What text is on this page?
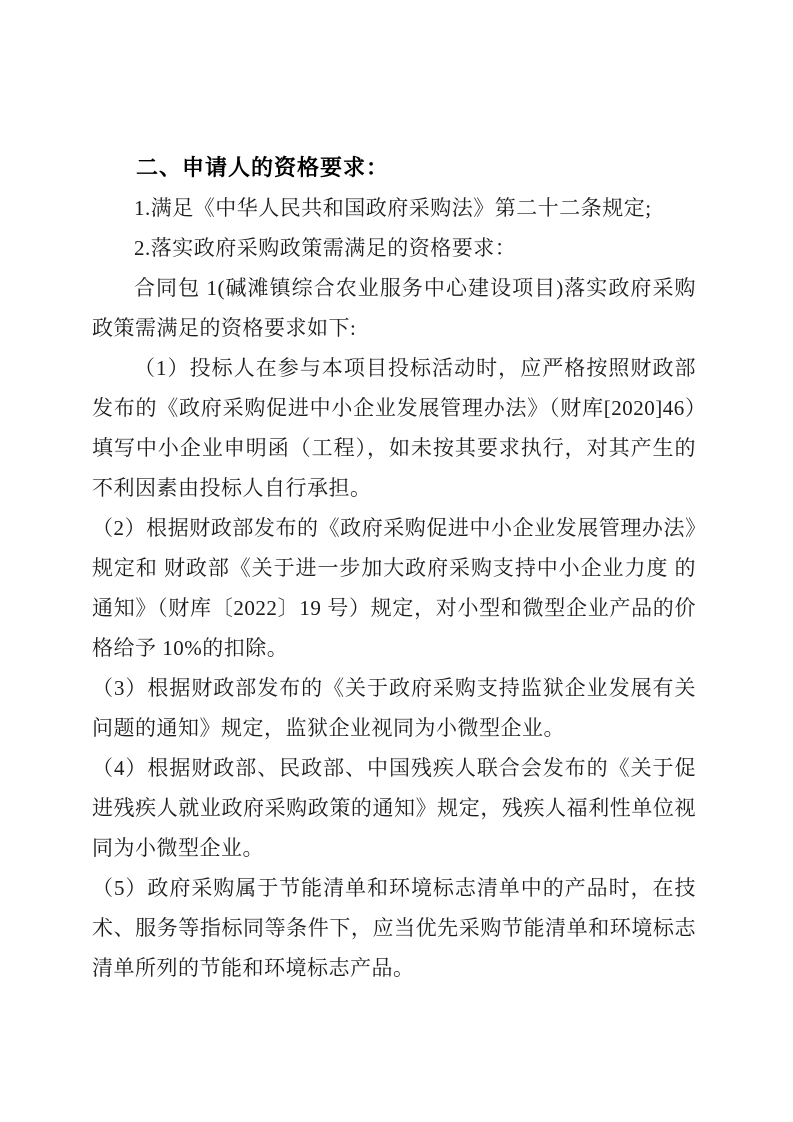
二、申请人的资格要求：

1.满足《中华人民共和国政府采购法》第二十二条规定;

2.落实政府采购政策需满足的资格要求：

合同包 1(碱滩镇综合农业服务中心建设项目)落实政府采购政策需满足的资格要求如下:

（1）投标人在参与本项目投标活动时，应严格按照财政部发布的《政府采购促进中小企业发展管理办法》（财库[2020]46）填写中小企业申明函（工程），如未按其要求执行，对其产生的不利因素由投标人自行承担。

（2）根据财政部发布的《政府采购促进中小企业发展管理办法》规定和 财政部《关于进一步加大政府采购支持中小企业力度 的通知》（财库〔2022〕19 号）规定，对小型和微型企业产品的价格给予 10%的扣除。

（3）根据财政部发布的《关于政府采购支持监狱企业发展有关问题的通知》规定，监狱企业视同为小微型企业。

（4）根据财政部、民政部、中国残疾人联合会发布的《关于促进残疾人就业政府采购政策的通知》规定，残疾人福利性单位视同为小微型企业。

（5）政府采购属于节能清单和环境标志清单中的产品时，在技术、服务等指标同等条件下，应当优先采购节能清单和环境标志清单所列的节能和环境标志产品。
